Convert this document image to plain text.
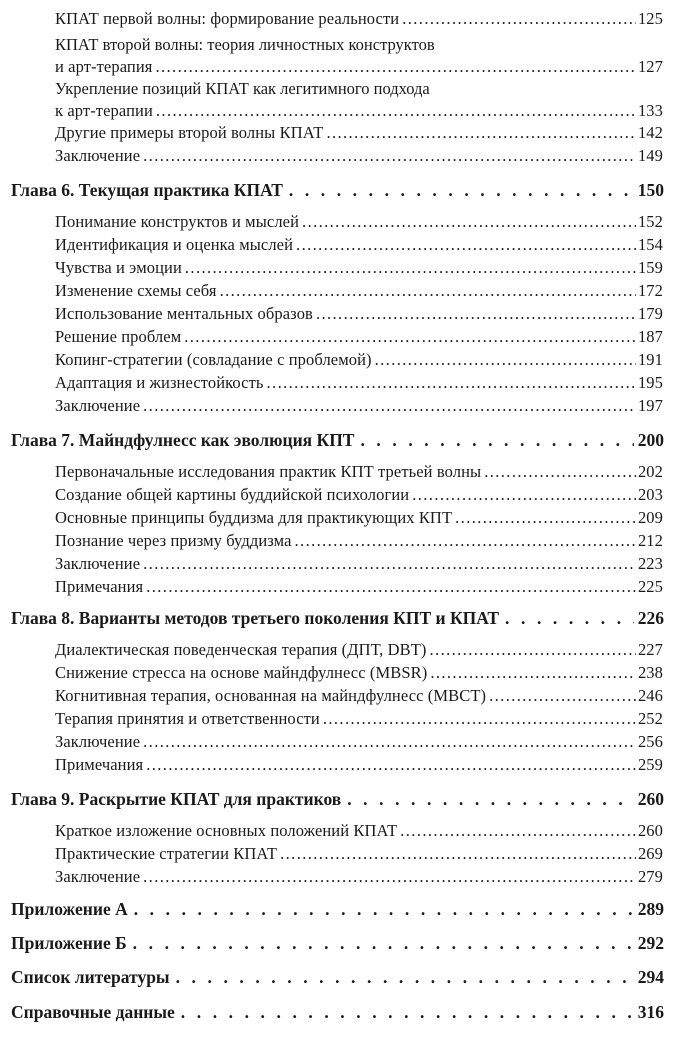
КПАТ первой волны: формирование реальности .....	125
КПАТ второй волны: теория личностных конструктов
и арт-терапия .....	127
Укрепление позиций КПАТ как легитимного подхода
к арт-терапии .....	133
Другие примеры второй волны КПАТ .....	142
Заключение .....	149
Глава 6. Текущая практика КПАТ . . .	150
Понимание конструктов и мыслей .....	152
Идентификация и оценка мыслей .....	154
Чувства и эмоции .....	159
Изменение схемы себя .....	172
Использование ментальных образов .....	179
Решение проблем .....	187
Копинг-стратегии (совладание с проблемой) .....	191
Адаптация и жизнестойкость .....	195
Заключение .....	197
Глава 7. Майндфулнесс как эволюция КПТ . . .	200
Первоначальные исследования практик КПТ третьей волны .....	202
Создание общей картины буддийской психологии .....	203
Основные принципы буддизма для практикующих КПТ .....	209
Познание через призму буддизма .....	212
Заключение .....	223
Примечания .....	225
Глава 8. Варианты методов третьего поколения КПТ и КПАТ . . .	226
Диалектическая поведенческая терапия (ДПТ, DBT) .....	227
Снижение стресса на основе майндфулнесс (MBSR) .....	238
Когнитивная терапия, основанная на майндфулнесс (MBCT) .....	246
Терапия принятия и ответственности .....	252
Заключение .....	256
Примечания .....	259
Глава 9. Раскрытие КПАТ для практиков . . .	260
Краткое изложение основных положений КПАТ .....	260
Практические стратегии КПАТ .....	269
Заключение .....	279
Приложение А . . .	289
Приложение Б . . .	292
Список литературы . . .	294
Справочные данные . . .	316
